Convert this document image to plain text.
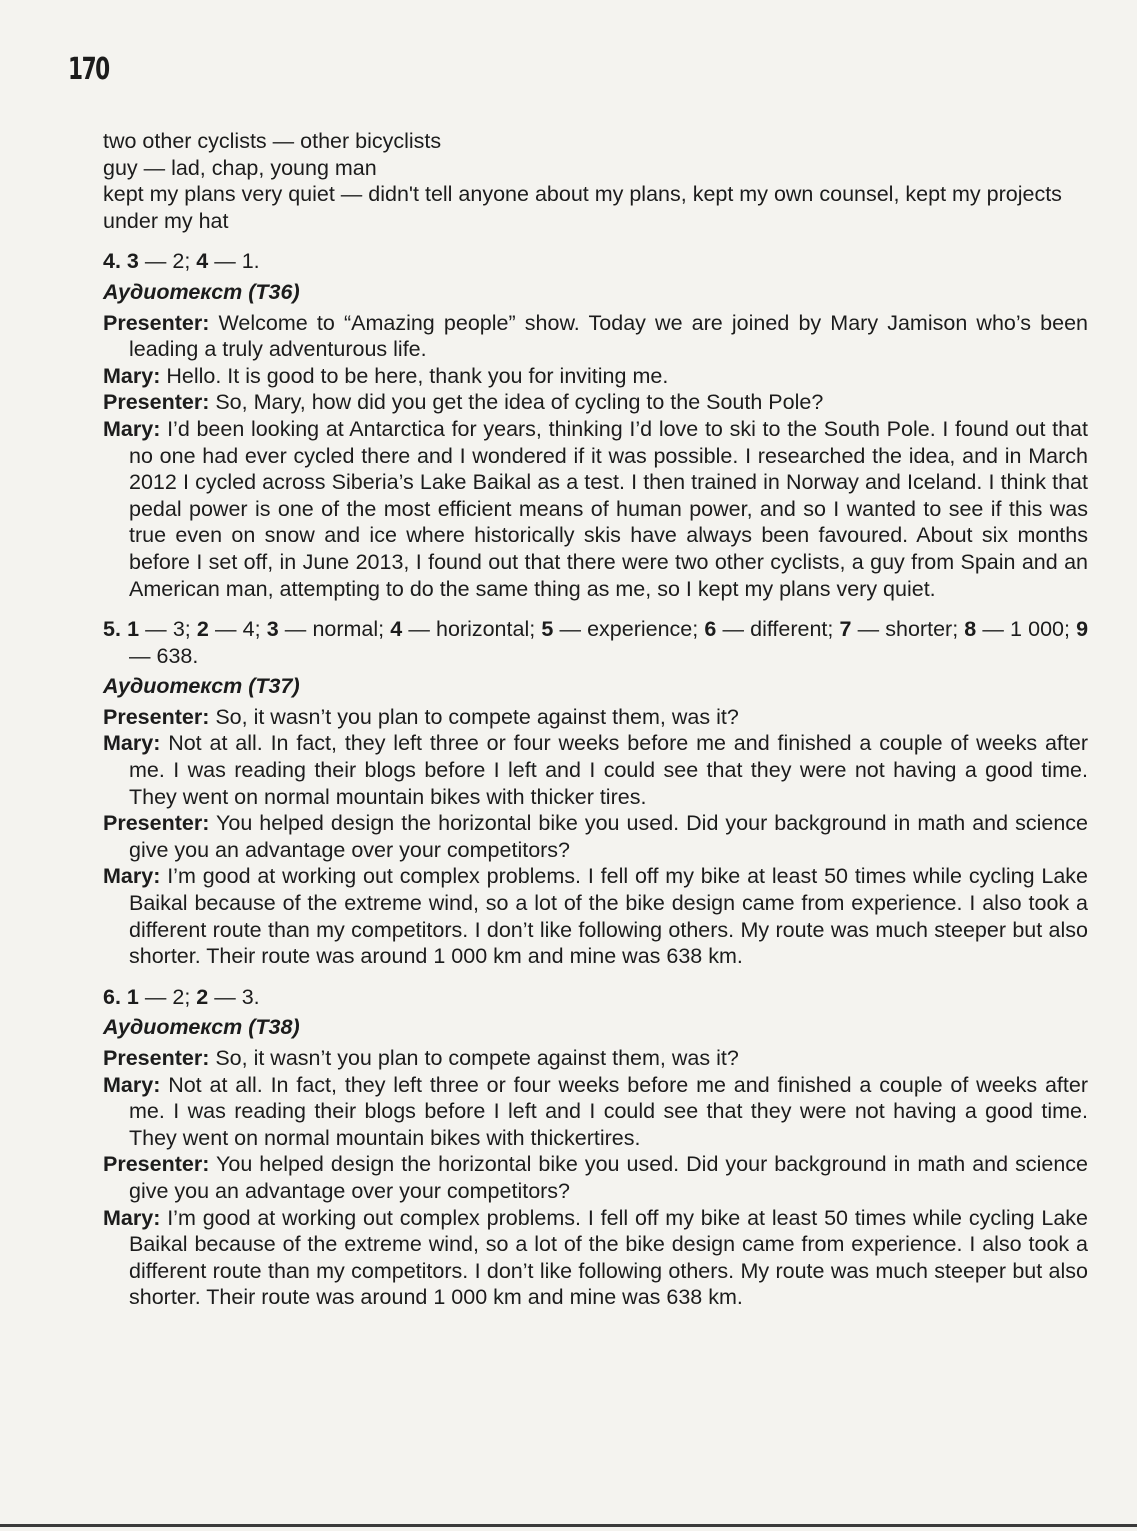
170

two other cyclists — other bicyclists

guy — lad, chap, young man

kept my plans very quiet — didn't tell anyone about my plans, kept my own counsel, kept my projects under my hat

4. 3 — 2; 4 — 1.

Аудиотекст (Т36)

Presenter: Welcome to “Amazing people” show. Today we are joined by Mary Jamison who’s been leading a truly adventurous life.

Mary: Hello. It is good to be here, thank you for inviting me.

Presenter: So, Mary, how did you get the idea of cycling to the South Pole?

Mary: I’d been looking at Antarctica for years, thinking I’d love to ski to the South Pole. I found out that no one had ever cycled there and I wondered if it was possible. I researched the idea, and in March 2012 I cycled across Siberia’s Lake Baikal as a test. I then trained in Norway and Iceland. I think that pedal power is one of the most efficient means of human power, and so I wanted to see if this was true even on snow and ice where historically skis have always been favoured. About six months before I set off, in June 2013, I found out that there were two other cyclists, a guy from Spain and an American man, attempting to do the same thing as me, so I kept my plans very quiet.

5. 1 — 3; 2 — 4; 3 — normal; 4 — horizontal; 5 — experience; 6 — different; 7 — shorter; 8 — 1 000; 9 — 638.

Аудиотекст (Т37)

Presenter: So, it wasn’t you plan to compete against them, was it?

Mary: Not at all. In fact, they left three or four weeks before me and finished a couple of weeks after me. I was reading their blogs before I left and I could see that they were not having a good time. They went on normal mountain bikes with thicker tires.

Presenter: You helped design the horizontal bike you used. Did your background in math and science give you an advantage over your competitors?

Mary: I’m good at working out complex problems. I fell off my bike at least 50 times while cycling Lake Baikal because of the extreme wind, so a lot of the bike design came from experience. I also took a different route than my competitors. I don’t like following others. My route was much steeper but also shorter. Their route was around 1 000 km and mine was 638 km.

6. 1 — 2; 2 — 3.

Аудиотекст (Т38)

Presenter: So, it wasn’t you plan to compete against them, was it?

Mary: Not at all. In fact, they left three or four weeks before me and finished a couple of weeks after me. I was reading their blogs before I left and I could see that they were not having a good time. They went on normal mountain bikes with thickertires.

Presenter: You helped design the horizontal bike you used. Did your background in math and science give you an advantage over your competitors?

Mary: I’m good at working out complex problems. I fell off my bike at least 50 times while cycling Lake Baikal because of the extreme wind, so a lot of the bike design came from experience. I also took a different route than my competitors. I don’t like following others. My route was much steeper but also shorter. Their route was around 1 000 km and mine was 638 km.
